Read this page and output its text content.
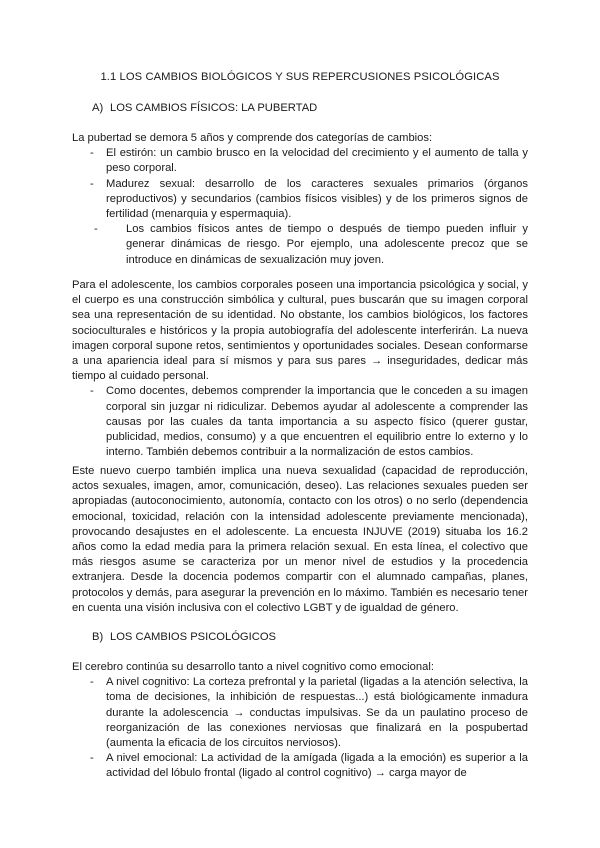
1.1 LOS CAMBIOS BIOLÓGICOS Y SUS REPERCUSIONES PSICOLÓGICAS
A) LOS CAMBIOS FÍSICOS: LA PUBERTAD

La pubertad se demora 5 años y comprende dos categorías de cambios:

- El estirón: un cambio brusco en la velocidad del crecimiento y el aumento de talla y peso corporal.
- Madurez sexual: desarrollo de los caracteres sexuales primarios (órganos reproductivos) y secundarios (cambios físicos visibles) y de los primeros signos de fertilidad (menarquia y espermaquia).
-	Los cambios físicos antes de tiempo o después de tiempo pueden influir y generar dinámicas de riesgo. Por ejemplo, una adolescente precoz que se introduce en dinámicas de sexualización muy joven.

Para el adolescente, los cambios corporales poseen una importancia psicológica y social, y el cuerpo es una construcción simbólica y cultural, pues buscarán que su imagen corporal sea una representación de su identidad. No obstante, los cambios biológicos, los factores socioculturales e históricos y la propia autobiografía del adolescente interferirán. La nueva imagen corporal supone retos, sentimientos y oportunidades sociales. Desean conformarse a una apariencia ideal para sí mismos y para sus pares → inseguridades, dedicar más tiempo al cuidado personal.

- Como docentes, debemos comprender la importancia que le conceden a su imagen corporal sin juzgar ni ridiculizar. Debemos ayudar al adolescente a comprender las causas por las cuales da tanta importancia a su aspecto físico (querer gustar, publicidad, medios, consumo) y a que encuentren el equilibrio entre lo externo y lo interno. También debemos contribuir a la normalización de estos cambios.

Este nuevo cuerpo también implica una nueva sexualidad (capacidad de reproducción, actos sexuales, imagen, amor, comunicación, deseo). Las relaciones sexuales pueden ser apropiadas (autoconocimiento, autonomía, contacto con los otros) o no serlo (dependencia emocional, toxicidad, relación con la intensidad adolescente previamente mencionada), provocando desajustes en el adolescente. La encuesta INJUVE (2019) situaba los 16.2 años como la edad media para la primera relación sexual. En esta línea, el colectivo que más riesgos asume se caracteriza por un menor nivel de estudios y la procedencia extranjera. Desde la docencia podemos compartir con el alumnado campañas, planes, protocolos y demás, para asegurar la prevención en lo máximo. También es necesario tener en cuenta una visión inclusiva con el colectivo LGBT y de igualdad de género.

B) LOS CAMBIOS PSICOLÓGICOS

El cerebro continúa su desarrollo tanto a nivel cognitivo como emocional:

- A nivel cognitivo: La corteza prefrontal y la parietal (ligadas a la atención selectiva, la toma de decisiones, la inhibición de respuestas...) está biológicamente inmadura durante la adolescencia → conductas impulsivas. Se da un paulatino proceso de reorganización de las conexiones nerviosas que finalizará en la pospubertad (aumenta la eficacia de los circuitos nerviosos).
- A nivel emocional: La actividad de la amígada (ligada a la emoción) es superior a la actividad del lóbulo frontal (ligado al control cognitivo) → carga mayor de
